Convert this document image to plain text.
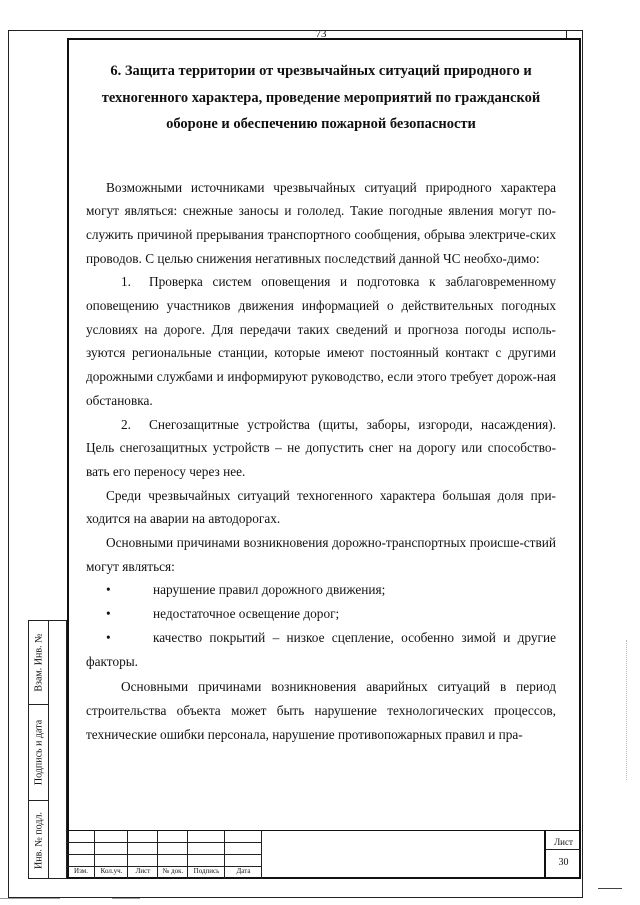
73
Взам. Инв. №
Подпись и дата
Инв. № подл.
6. Защита территории от чрезвычайных ситуаций природного и техногенного характера, проведение мероприятий по гражданской обороне и обеспечению пожарной безопасности

Возможными источниками чрезвычайных ситуаций природного характера могут являться: снежные заносы и гололед. Такие погодные явления могут по-служить причиной прерывания транспортного сообщения, обрыва электриче-ских проводов. С целью снижения негативных последствий данной ЧС необхо-димо:

1. Проверка систем оповещения и подготовка к заблаговременному оповещению участников движения информацией о действительных погодных условиях на дороге. Для передачи таких сведений и прогноза погоды исполь-зуются региональные станции, которые имеют постоянный контакт с другими дорожными службами и информируют руководство, если этого требует дорож-ная обстановка.

2. Снегозащитные устройства (щиты, заборы, изгороди, насаждения). Цель снегозащитных устройств – не допустить снег на дорогу или способство-вать его переносу через нее.

Среди чрезвычайных ситуаций техногенного характера большая доля при-ходится на аварии на автодорогах.

Основными причинами возникновения дорожно-транспортных происше-ствий могут являться:

•	нарушение правил дорожного движения;

•	недостаточное освещение дорог;

•	качество покрытий – низкое сцепление, особенно зимой и другие факторы.

Основными причинами возникновения аварийных ситуаций в период строительства объекта может быть нарушение технологических процессов, технические ошибки персонала, нарушение противопожарных правил и пра-

Изм.	Кол.уч.	Лист	№ док.	Подпись	Дата
Лист
30
